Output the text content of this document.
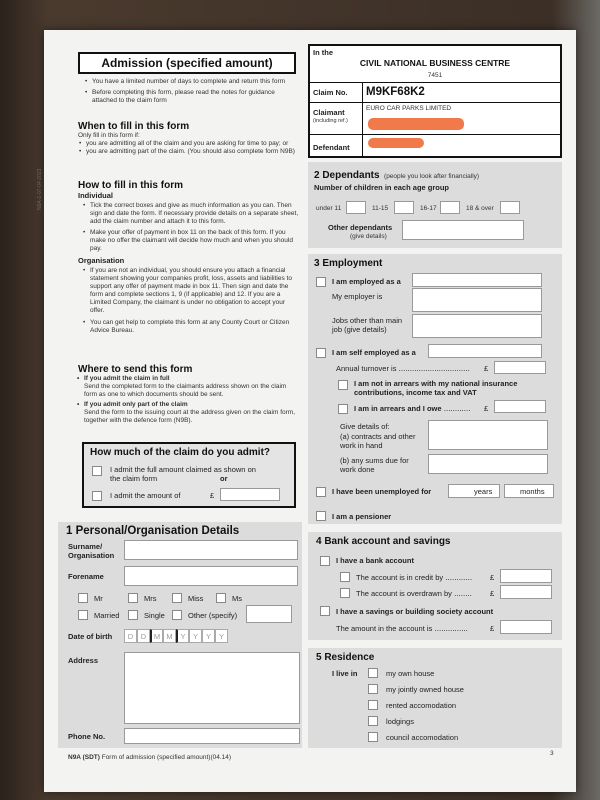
Admission (specified amount)
• You have a limited number of days to complete and return this form
• Before completing this form, please read the notes for guidance attached to the claim form
When to fill in this form
Only fill in this form if:
• you are admitting all of the claim and you are asking for time to pay; or
• you are admitting part of the claim. (You should also complete form N9B)
How to fill in this form
Individual
• Tick the correct boxes and give as much information as you can. Then sign and date the form. If necessary provide details on a separate sheet, add the claim number and attach it to this form.
• Make your offer of payment in box 11 on the back of this form. If you make no offer the claimant will decide how much and when you should pay.
Organisation
• If you are not an individual, you should ensure you attach a financial statement showing your companies profit, loss, assets and liabilities to support any offer of payment made in box 11. Then sign and date the form and complete sections 1, 9 (if applicable) and 12. If you are a Limited Company, the claimant is under no obligation to accept your offer.
• You can get help to complete this form at any County Court or Citizen Advice Bureau.
N9A-1-07-04-2023
Where to send this form
• If you admit the claim in full
Send the completed form to the claimants address shown on the claim form as one to which documents should be sent.
• If you admit only part of the claim
Send the form to the issuing court at the address given on the claim form, together with the defence form (N9B).
How much of the claim do you admit?
I admit the full amount claimed as shown on the claim form	or
I admit the amount of	£
1 Personal/Organisation Details
Surname/ Organisation
Forename
Mr	Mrs	Miss	Ms
Married	Single	Other (specify)
Date of birth	D	D	M M	Y Y	Y	Y
Address
Phone No.
N9A (SDT) Form of admission (specified amount)(04.14)
In the
CIVIL NATIONAL BUSINESS CENTRE
7451
Claim No. M9KF68K2
Claimant
(including ref.)
EURO CAR PARKS LIMITED
Defendant
2 Dependants (people you look after financially)
Number of children in each age group
under 11	11-15	16-17	18 & over
Other dependants
(give details)
3 Employment
I am employed as a
My employer is
Jobs other than main job (give details)
I am self employed as a
Annual turnover is ................................ £
I am not in arrears with my national insurance contributions, income tax and VAT
I am in arrears and I owe ............ £
Give details of:
(a) contracts and other work in hand
(b) any sums due for work done
I have been unemployed for	years	months
I am a pensioner
4 Bank account and savings
I have a bank account
The account is in credit by ............ £
The account is overdrawn by ........ £
I have a savings or building society account
The amount in the account is ...............	£
5 Residence
I live in	my own house
my jointly owned house
rented accomodation
lodgings
council accomodation
3
